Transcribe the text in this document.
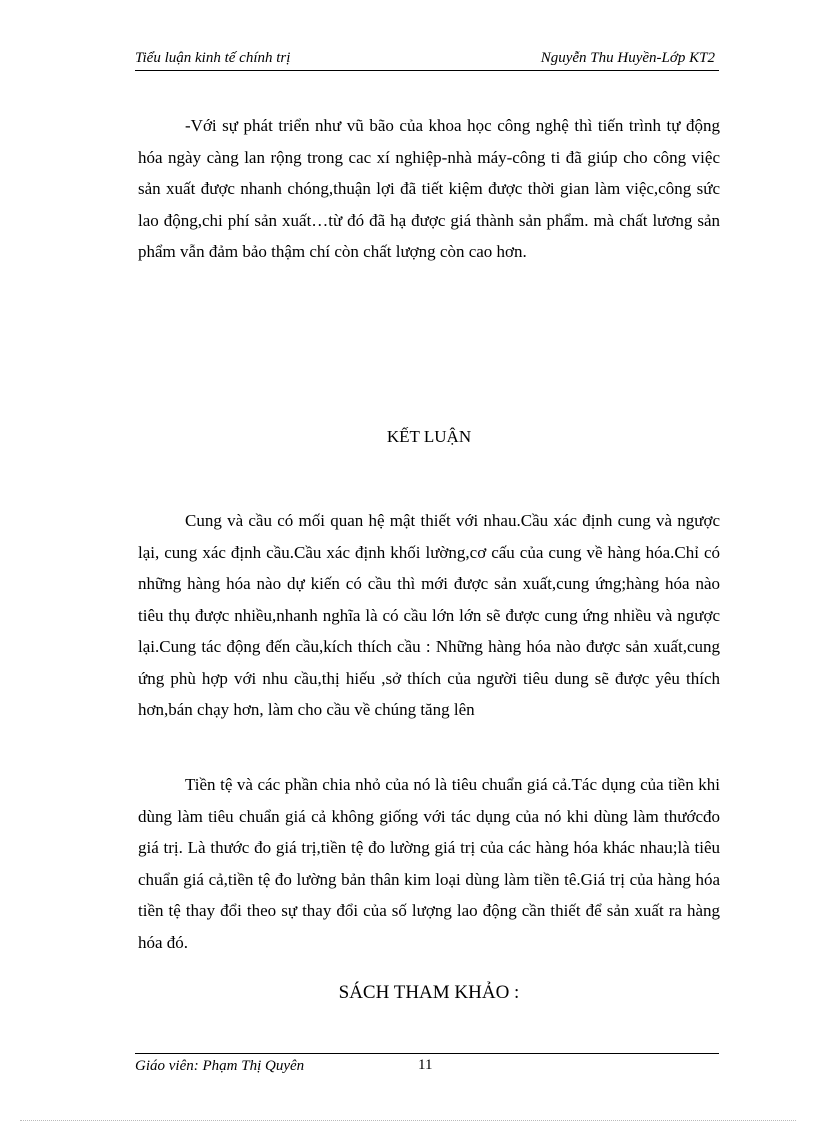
Tiểu luận kinh tế chính trị	Nguyễn Thu Huyền-Lớp KT2
-Với sự phát triển như vũ bão của khoa học công nghệ thì tiến trình tự động hóa ngày càng lan rộng trong cac xí nghiệp-nhà máy-công ti đã giúp cho công việc sản xuất được nhanh chóng,thuận lợi đã tiết kiệm được thời gian làm việc,công sức lao động,chi phí sản xuất…từ đó đã hạ được giá thành sản phẩm. mà chất lương sản phẩm vẫn đảm bảo thậm chí còn chất lượng còn cao hơn.
KẾT LUẬN
Cung và cầu có mối quan hệ mật thiết với nhau.Cầu xác định cung và ngược lại, cung xác định cầu.Cầu xác định khối lường,cơ cấu của cung về hàng hóa.Chỉ có những hàng hóa nào dự kiến có cầu thì mới được sản xuất,cung ứng;hàng hóa nào tiêu thụ được nhiều,nhanh nghĩa là có cầu lớn lớn sẽ được cung ứng nhiều và ngược lại.Cung tác động đến cầu,kích thích cầu : Những hàng hóa nào được sản xuất,cung ứng phù hợp với nhu cầu,thị hiếu ,sở thích của người tiêu dung sẽ được yêu thích hơn,bán chạy hơn, làm cho cầu về chúng tăng lên
Tiền tệ và các phần chia nhỏ của nó là tiêu chuẩn giá cả.Tác dụng của tiền khi dùng làm tiêu chuẩn giá cả không giống với tác dụng của nó khi dùng làm thướcđo giá trị. Là thước đo giá trị,tiền tệ đo lường giá trị của các hàng hóa khác nhau;là tiêu chuẩn giá cả,tiền tệ đo lường bản thân kim loại dùng làm tiền tê.Giá trị của hàng hóa tiền tệ thay đổi theo sự thay đổi của số lượng lao động cần thiết để sản xuất ra hàng hóa đó.
SÁCH THAM KHẢO :
Giáo viên: Phạm Thị Quyên	11
